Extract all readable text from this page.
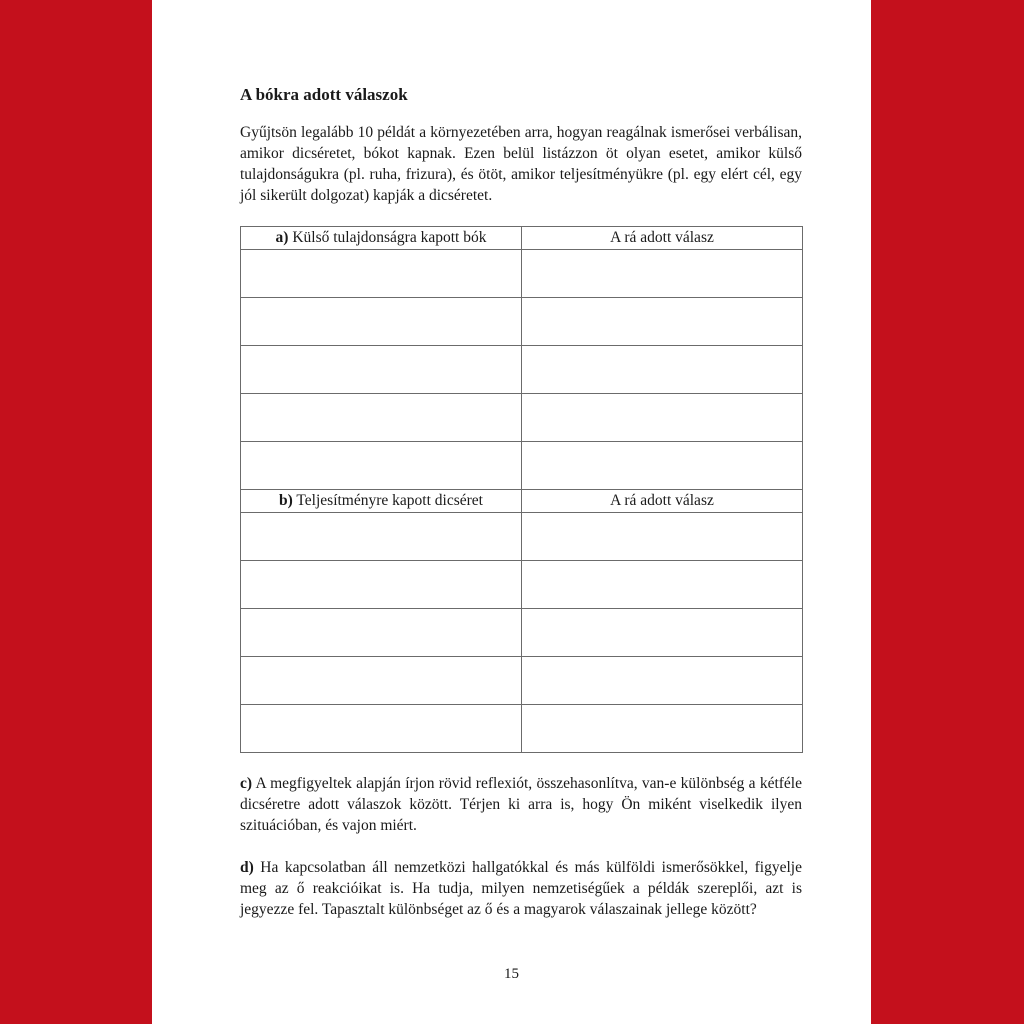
A bókra adott válaszok

Gyűjtsön legalább 10 példát a környezetében arra, hogyan reagálnak ismerősei verbálisan, amikor dicséretet, bókot kapnak. Ezen belül listázzon öt olyan esetet, amikor külső tulajdonságukra (pl. ruha, frizura), és ötöt, amikor teljesítményükre (pl. egy elért cél, egy jól sikerült dolgozat) kapják a dicséretet.

a) Külső tulajdonságra kapott bók	A rá adott válasz

b) Teljesítményre kapott dicséret	A rá adott válasz

c) A megfigyeltek alapján írjon rövid reflexiót, összehasonlítva, van-e különbség a kétféle dicséretre adott válaszok között. Térjen ki arra is, hogy Ön miként viselkedik ilyen szituációban, és vajon miért.

d) Ha kapcsolatban áll nemzetközi hallgatókkal és más külföldi ismerősökkel, figyelje meg az ő reakcióikat is. Ha tudja, milyen nemzetiségűek a példák szereplői, azt is jegyezze fel. Tapasztalt különbséget az ő és a magyarok válaszainak jellege között?

15
